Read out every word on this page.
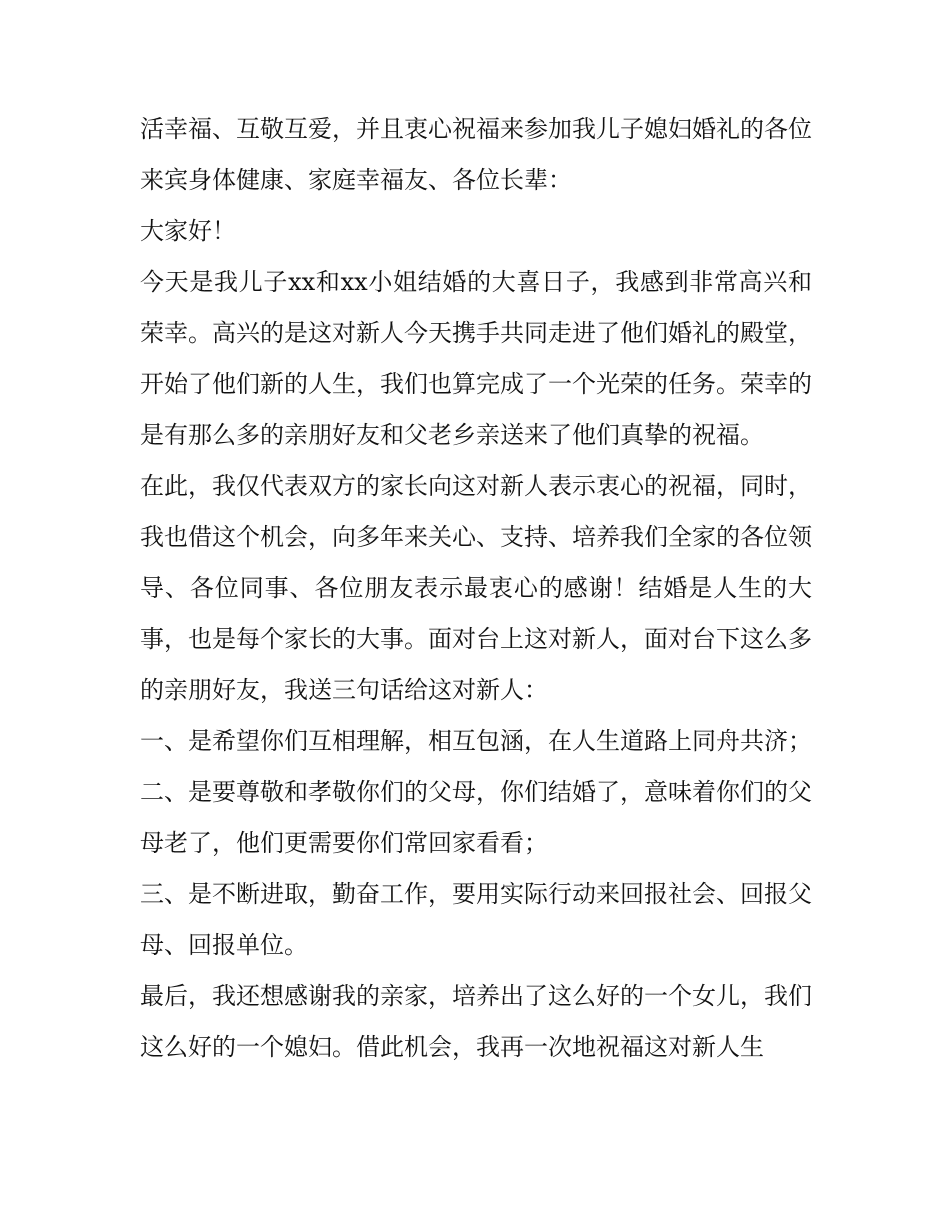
活幸福、互敬互爱，并且衷心祝福来参加我儿子媳妇婚礼的各位来宾身体健康、家庭幸福友、各位长辈：

大家好！

今天是我儿子xx和xx小姐结婚的大喜日子，我感到非常高兴和荣幸。高兴的是这对新人今天携手共同走进了他们婚礼的殿堂，开始了他们新的人生，我们也算完成了一个光荣的任务。荣幸的是有那么多的亲朋好友和父老乡亲送来了他们真挚的祝福。

在此，我仅代表双方的家长向这对新人表示衷心的祝福，同时，我也借这个机会，向多年来关心、支持、培养我们全家的各位领导、各位同事、各位朋友表示最衷心的感谢！结婚是人生的大事，也是每个家长的大事。面对台上这对新人，面对台下这么多的亲朋好友，我送三句话给这对新人：

一、是希望你们互相理解，相互包涵，在人生道路上同舟共济； 二、是要尊敬和孝敬你们的父母，你们结婚了，意味着你们的父母老了，他们更需要你们常回家看看；

三、是不断进取，勤奋工作，要用实际行动来回报社会、回报父母、回报单位。

最后，我还想感谢我的亲家，培养出了这么好的一个女儿，我们这么好的一个媳妇。借此机会，我再一次地祝福这对新人生
